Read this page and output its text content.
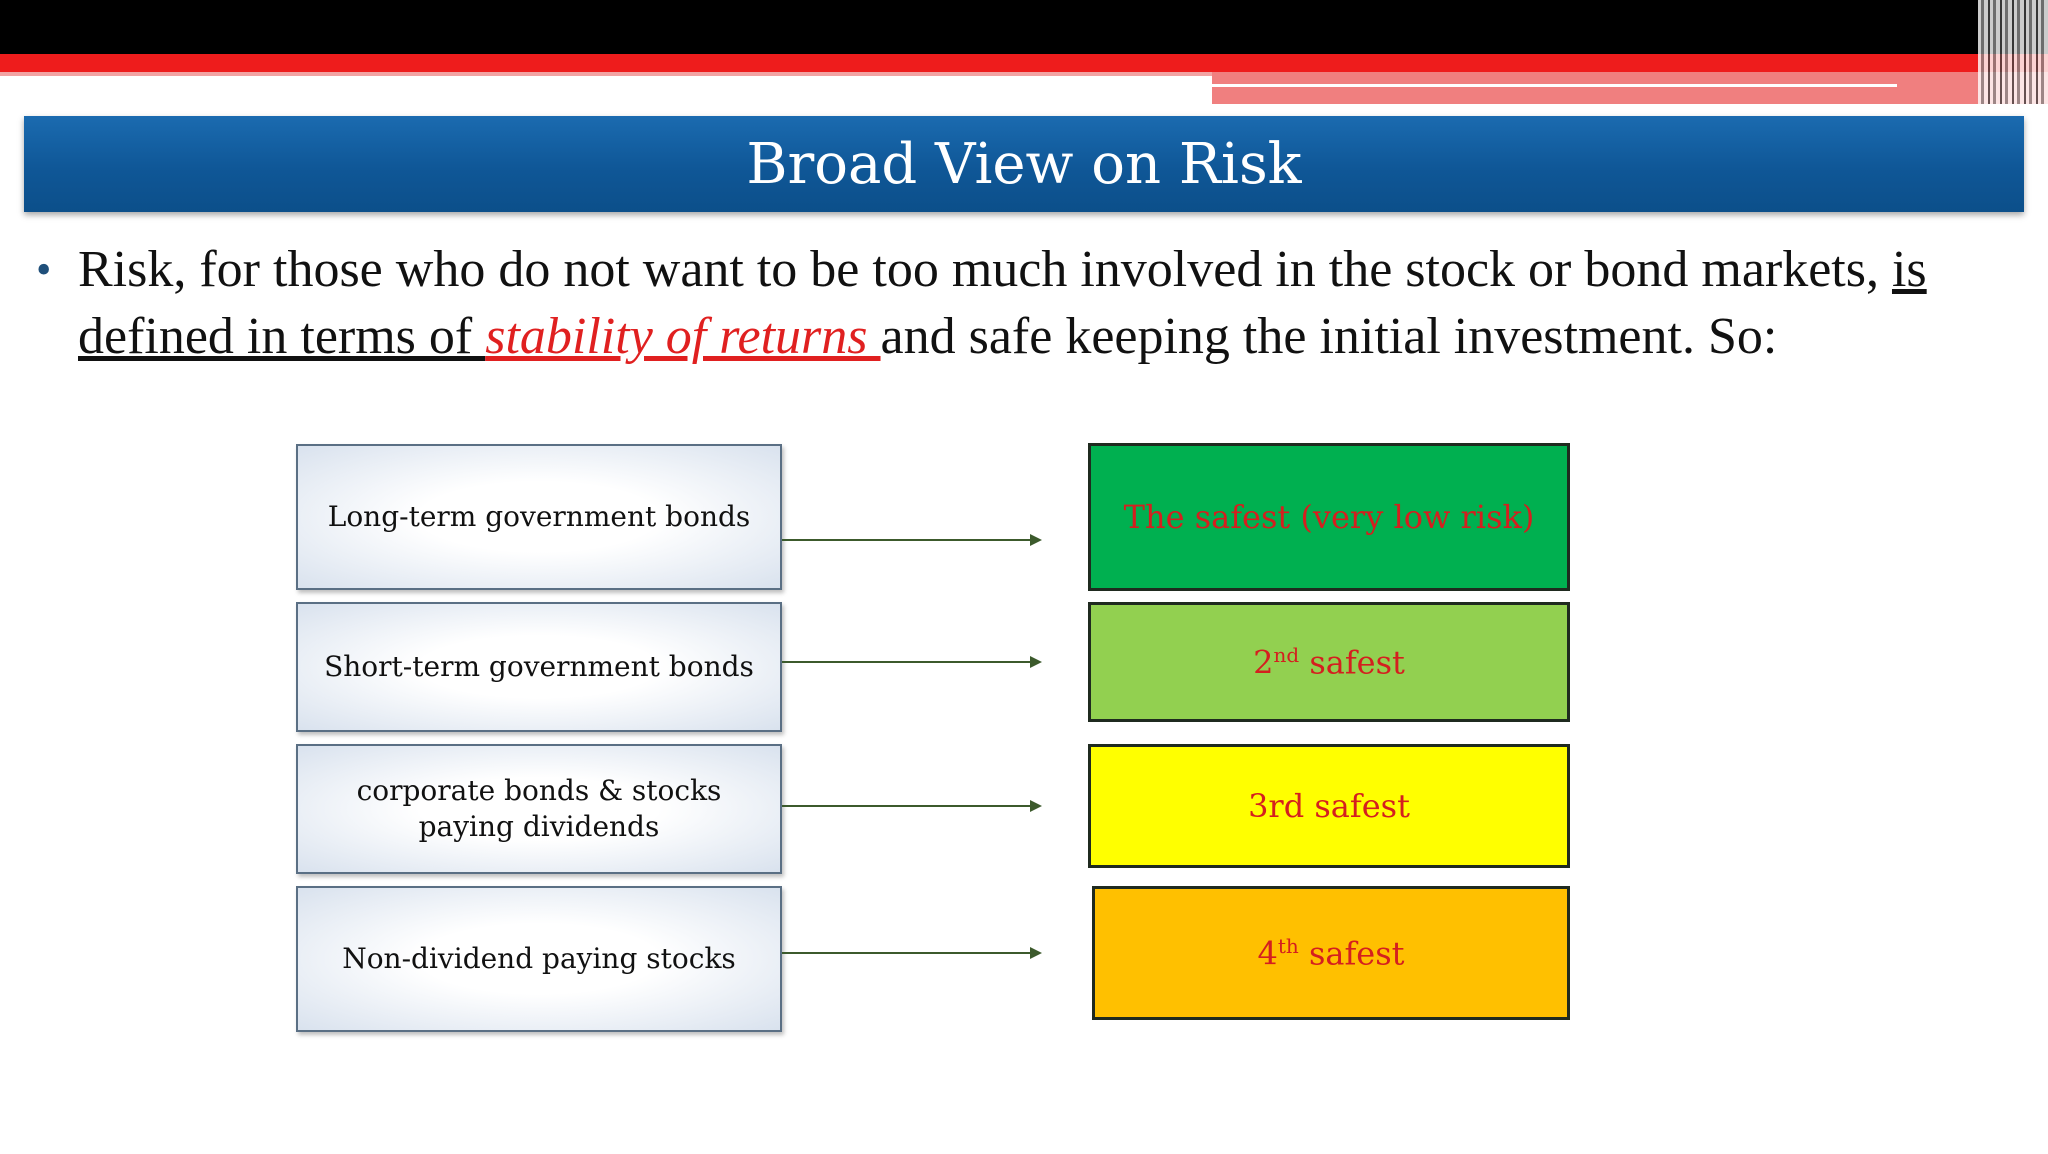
Broad View on Risk
• Risk, for those who do not want to be too much involved in the stock or bond markets, is defined in terms of stability of returns and safe keeping the initial investment. So:
Long-term government bonds
Short-term government bonds
corporate bonds & stocks paying dividends
Non-dividend paying stocks
The safest (very low risk)
2nd safest
3rd safest
4th safest
